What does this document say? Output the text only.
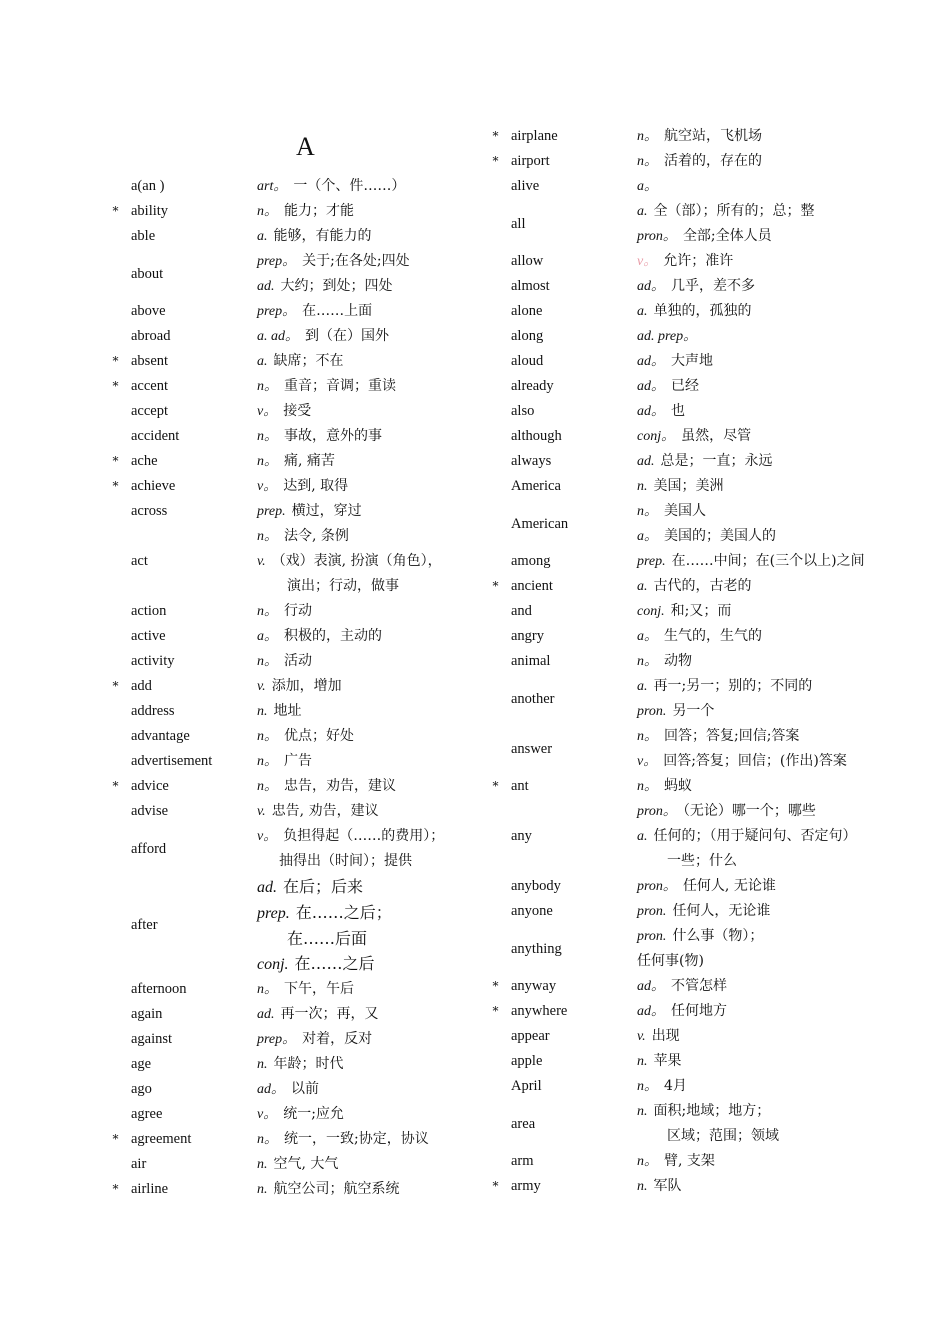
A
a(an )	art。 一（个、件……）
* ability	n。 能力；才能
able	a. 能够，有能力的
about
prep。 关于;在各处;四处
ad. 大约；到处；四处
above	prep。 在……上面
abroad	a. ad。 到（在）国外
* absent	a. 缺席；不在
* accent	n。 重音；音调；重读
accept	v。 接受
accident	n。 事故，意外的事
* ache	n。 痛, 痛苦
* achieve	v。 达到, 取得
across	prep. 横过，穿过
act
n。 法令, 条例
v. （戏）表演, 扮演（角色），
演出；行动，做事
action	n。 行动
active	a。 积极的，主动的
activity	n。 活动
* add	v. 添加，增加
address	n. 地址
advantage	n。 优点；好处
advertisement	n。 广告
* advice	n。 忠告，劝告，建议
advise	v. 忠告, 劝告，建议
afford
v。 负担得起（……的费用）；
抽得出（时间）；提供
after
ad. 在后；后来
prep. 在……之后；
在……后面
conj. 在……之后
afternoon	n。 下午，午后
again	ad. 再一次；再，又
against	prep。 对着，反对
age	n. 年龄；时代
ago	ad。 以前
agree	v。 统一;应允
* agreement	n。 统一，一致;协定，协议
air	n. 空气, 大气
* airline	n. 航空公司；航空系统
* airplane	n。 航空站，飞机场
* airport	n。 活着的，存在的
alive	a。
all
a. 全（部）；所有的；总；整
pron。 全部;全体人员
allow	v。 允许；准许
almost	ad。 几乎，差不多
alone	a. 单独的，孤独的
along	ad. prep。
aloud	ad。 大声地
already	ad。 已经
also	ad。 也
although	conj。 虽然，尽管
always	ad. 总是；一直；永远
America	n. 美国；美洲
American
n。 美国人
a。 美国的；美国人的
among	prep. 在……中间；在(三个以上)之间
* ancient	a. 古代的，古老的
and	conj. 和;又；而
angry	a。 生气的，生气的
animal	n。 动物
another
a. 再一;另一；别的；不同的
pron. 另一个
answer
n。 回答；答复;回信;答案
v。 回答;答复；回信；(作出)答案
* ant	n。 蚂蚁
any
pron。 （无论）哪一个；哪些
a. 任何的；（用于疑问句、否定句）
一些；什么
anybody	pron。 任何人, 无论谁
anyone	pron. 任何人，无论谁
anything
pron. 什么事（物）；
任何事(物)
* anyway	ad。 不管怎样
* anywhere	ad。 任何地方
appear	v. 出现
apple	n. 苹果
April	n。 4月
area
n. 面积;地域；地方；
区域；范围；领域
arm	n。 臂, 支架
* army	n. 军队
